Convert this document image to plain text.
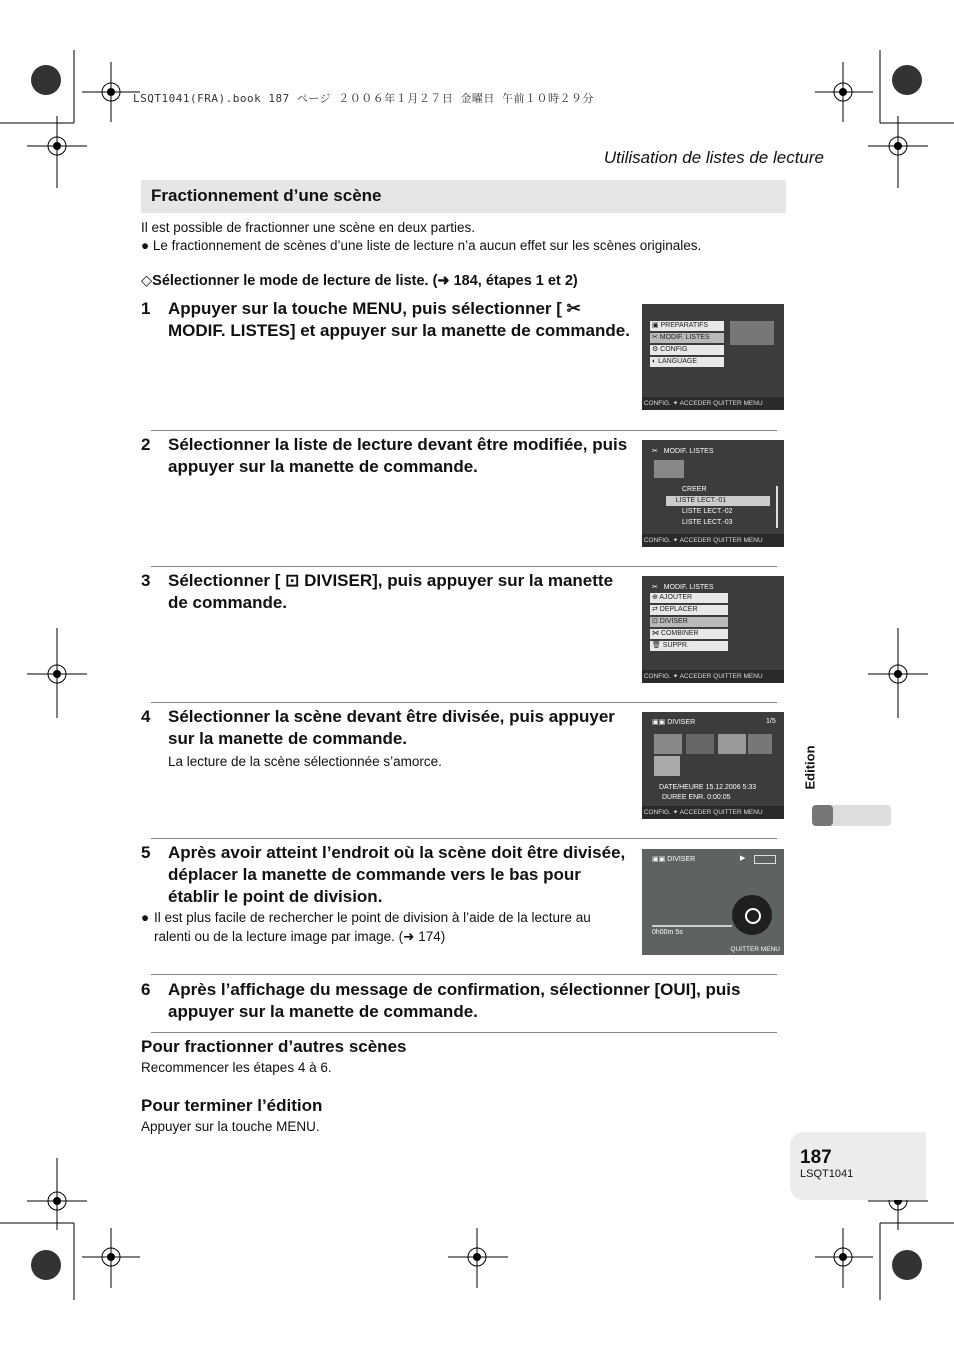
LSQT1041(FRA).book 187 ページ ２００６年１月２７日 金曜日 午前１０時２９分
Utilisation de listes de lecture
Fractionnement d’une scène
Il est possible de fractionner une scène en deux parties.
● Le fractionnement de scènes d’une liste de lecture n’a aucun effet sur les scènes originales.
◇Sélectionner le mode de lecture de liste. (➜ 184, étapes 1 et 2)
1 Appuyer sur la touche MENU, puis sélectionner [ ✂ MODIF. LISTES] et appuyer sur la manette de commande.	▣ PREPARATIFS
✂ MODIF. LISTES
⚙ CONFIG
◐ LANGUAGE
CONFIG. ✦ ACCEDER QUITTER MENU
2 Sélectionner la liste de lecture devant être modifiée, puis appuyer sur la manette de commande.
✂   MODIF. LISTES
CREER
LISTE LECT.-01
LISTE LECT.-02
LISTE LECT.-03
CONFIG. ✦ ACCEDER QUITTER MENU
3 Sélectionner [ ⊡ DIVISER], puis appuyer sur la manette de commande.
✂   MODIF. LISTES
⊕ AJOUTER
⇄ DEPLACER
⊡ DIVISER
⋈ COMBINER
🗑 SUPPR.
CONFIG. ✦ ACCEDER QUITTER MENU
4 Sélectionner la scène devant être divisée, puis appuyer sur la manette de commande.
La lecture de la scène sélectionnée s’amorce.
▣▣ DIVISER	1/5
DATE/HEURE 15.12.2006 5:33
DUREE ENR. 0:00:05
CONFIG. ✦ ACCEDER QUITTER MENU
5 Après avoir atteint l’endroit où la scène doit être divisée, déplacer la manette de commande vers le bas pour établir le point de division.
● Il est plus facile de rechercher le point de division à l’aide de la lecture au ralenti ou de la lecture image par image. (➜ 174)
▣▣ DIVISER	▶
0h00m 5s
QUITTER MENU
6 Après l’affichage du message de confirmation, sélectionner [OUI], puis appuyer sur la manette de commande.
Pour fractionner d’autres scènes
Recommencer les étapes 4 à 6.
Pour terminer l’édition
Appuyer sur la touche MENU.
Edition
187
LSQT1041
